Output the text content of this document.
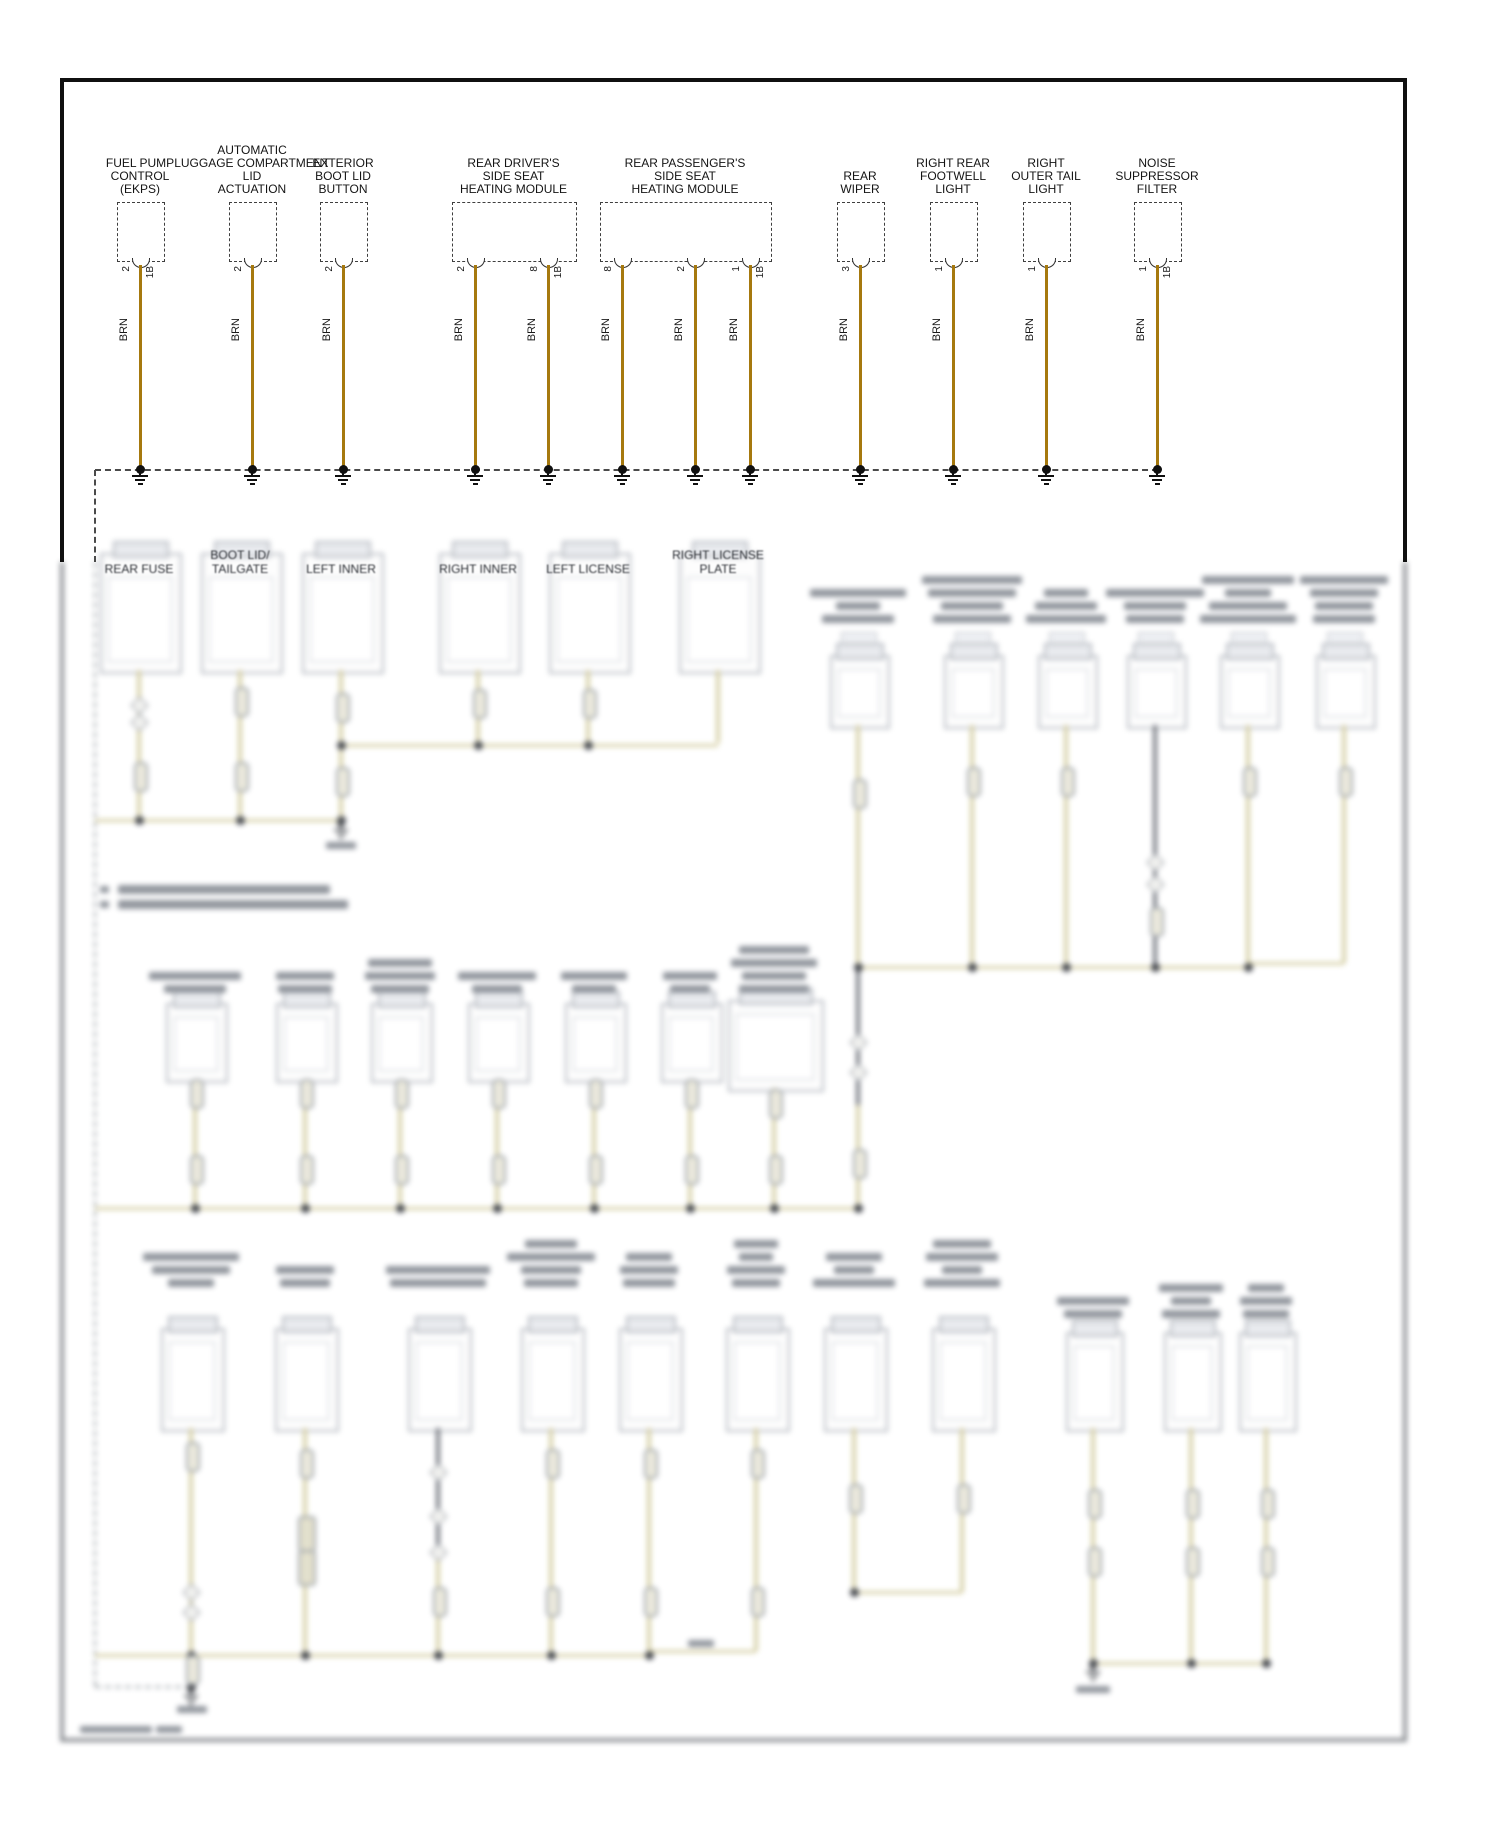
REAR FUSE
BOOT LID/
TAILGATE	LEFT INNER	RIGHT INNER LEFT LICENSE
RIGHT LICENSE
PLATE
FUEL PUMP
CONTROL
(EKPS)
2 1B
BRN
AUTOMATIC
LUGGAGE COMPARTMENT
LID
ACTUATION
2
BRN
EXTERIOR
BOOT LID
BUTTON
2
BRN
REAR DRIVER'S
SIDE SEAT
HEATING MODULE
2
BRN
8 1B
BRN
REAR PASSENGER'S
SIDE SEAT
HEATING MODULE
8
BRN
2
BRN
1 1B
BRN
REAR
WIPER
3
BRN
RIGHT REAR
FOOTWELL
LIGHT
1
BRN
RIGHT
OUTER TAIL
LIGHT
1
BRN
NOISE
SUPPRESSOR
FILTER
1 1B
BRN
